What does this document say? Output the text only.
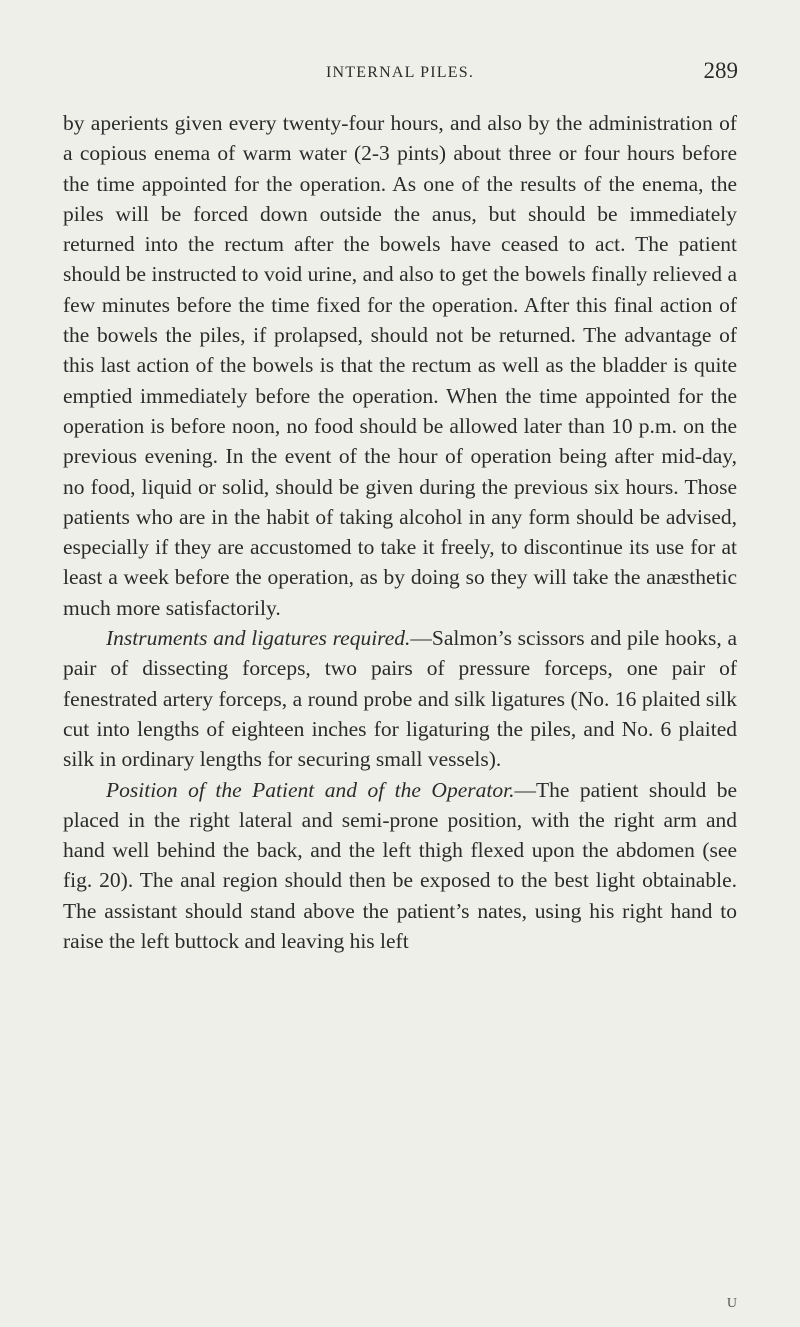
INTERNAL PILES.	289

by aperients given every twenty-four hours, and also by the administration of a copious enema of warm water (2-3 pints) about three or four hours before the time appointed for the operation. As one of the results of the enema, the piles will be forced down outside the anus, but should be immediately returned into the rectum after the bowels have ceased to act. The patient should be instructed to void urine, and also to get the bowels finally relieved a few minutes before the time fixed for the operation. After this final action of the bowels the piles, if prolapsed, should not be returned. The advantage of this last action of the bowels is that the rectum as well as the bladder is quite emptied immediately before the operation. When the time appointed for the operation is before noon, no food should be allowed later than 10 p.m. on the previous evening. In the event of the hour of operation being after mid-day, no food, liquid or solid, should be given during the previous six hours. Those patients who are in the habit of taking alcohol in any form should be advised, especially if they are accustomed to take it freely, to discontinue its use for at least a week before the operation, as by doing so they will take the anæsthetic much more satisfactorily.

Instruments and ligatures required.—Salmon’s scissors and pile hooks, a pair of dissecting forceps, two pairs of pressure forceps, one pair of fenestrated artery forceps, a round probe and silk ligatures (No. 16 plaited silk cut into lengths of eighteen inches for ligaturing the piles, and No. 6 plaited silk in ordinary lengths for securing small vessels).

Position of the Patient and of the Operator.—The patient should be placed in the right lateral and semi-prone position, with the right arm and hand well behind the back, and the left thigh flexed upon the abdomen (see fig. 20). The anal region should then be exposed to the best light obtainable. The assistant should stand above the patient’s nates, using his right hand to raise the left buttock and leaving his left

U
